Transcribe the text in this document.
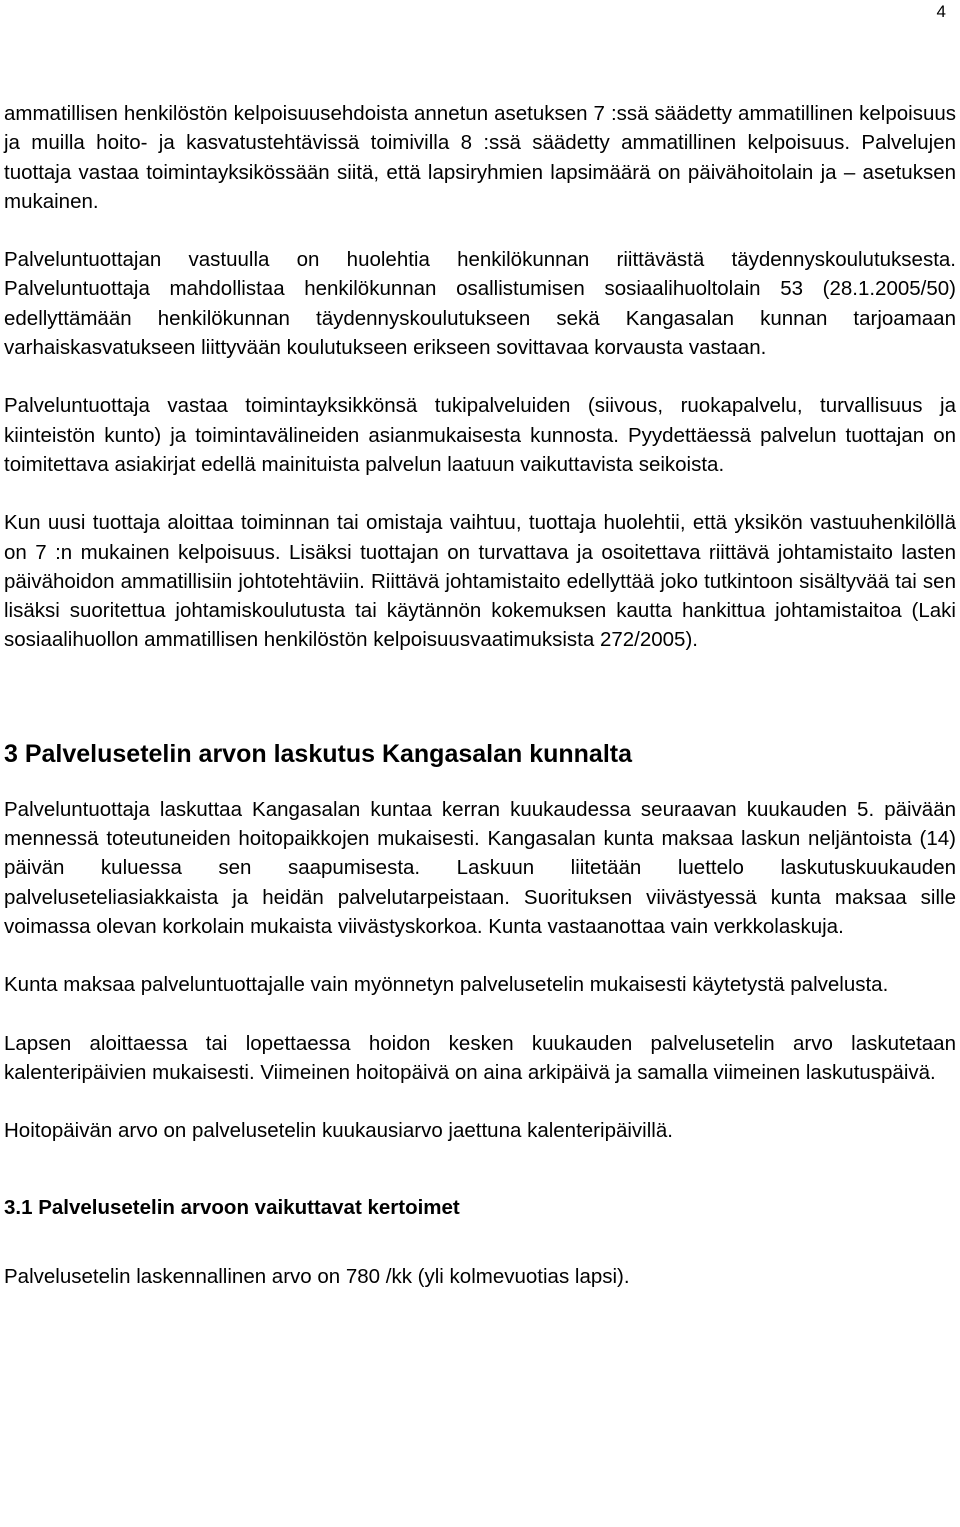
4

ammatillisen henkilöstön kelpoisuusehdoista annetun asetuksen 7 :ssä säädetty ammatillinen kelpoisuus ja muilla hoito- ja kasvatustehtävissä toimivilla 8 :ssä säädetty ammatillinen kelpoisuus. Palvelujen tuottaja vastaa toimintayksikössään siitä, että lapsiryhmien lapsimäärä on päivähoitolain ja – asetuksen mukainen.

Palveluntuottajan vastuulla on huolehtia henkilökunnan riittävästä täydennyskoulutuksesta. Palveluntuottaja mahdollistaa henkilökunnan osallistumisen sosiaalihuoltolain 53 (28.1.2005/50) edellyttämään henkilökunnan täydennyskoulutukseen sekä Kangasalan kunnan tarjoamaan varhaiskasvatukseen liittyvään koulutukseen erikseen sovittavaa korvausta vastaan.

Palveluntuottaja vastaa toimintayksikkönsä tukipalveluiden (siivous, ruokapalvelu, turvallisuus ja kiinteistön kunto) ja toimintavälineiden asianmukaisesta kunnosta. Pyydettäessä palvelun tuottajan on toimitettava asiakirjat edellä mainituista palvelun laatuun vaikuttavista seikoista.

Kun uusi tuottaja aloittaa toiminnan tai omistaja vaihtuu, tuottaja huolehtii, että yksikön vastuuhenkilöllä on 7 :n mukainen kelpoisuus. Lisäksi tuottajan on turvattava ja osoitettava riittävä johtamistaito lasten päivähoidon ammatillisiin johtotehtäviin. Riittävä johtamistaito edellyttää joko tutkintoon sisältyvää tai sen lisäksi suoritettua johtamiskoulutusta tai käytännön kokemuksen kautta hankittua johtamistaitoa (Laki sosiaalihuollon ammatillisen henkilöstön kelpoisuusvaatimuksista 272/2005).

3 Palvelusetelin arvon laskutus Kangasalan kunnalta

Palveluntuottaja laskuttaa Kangasalan kuntaa kerran kuukaudessa seuraavan kuukauden 5. päivään mennessä toteutuneiden hoitopaikkojen mukaisesti. Kangasalan kunta maksaa laskun neljäntoista (14) päivän kuluessa sen saapumisesta. Laskuun liitetään luettelo laskutuskuukauden palveluseteliasiakkaista ja heidän palvelutarpeistaan. Suorituksen viivästyessä kunta maksaa sille voimassa olevan korkolain mukaista viivästyskorkoa. Kunta vastaanottaa vain verkkolaskuja.

Kunta maksaa palveluntuottajalle vain myönnetyn palvelusetelin mukaisesti käytetystä palvelusta.

Lapsen aloittaessa tai lopettaessa hoidon kesken kuukauden palvelusetelin arvo laskutetaan kalenteripäivien mukaisesti. Viimeinen hoitopäivä on aina arkipäivä ja samalla viimeinen laskutuspäivä.

Hoitopäivän arvo on palvelusetelin kuukausiarvo jaettuna kalenteripäivillä.

3.1 Palvelusetelin arvoon vaikuttavat kertoimet

Palvelusetelin laskennallinen arvo on 780 /kk (yli kolmevuotias lapsi).
